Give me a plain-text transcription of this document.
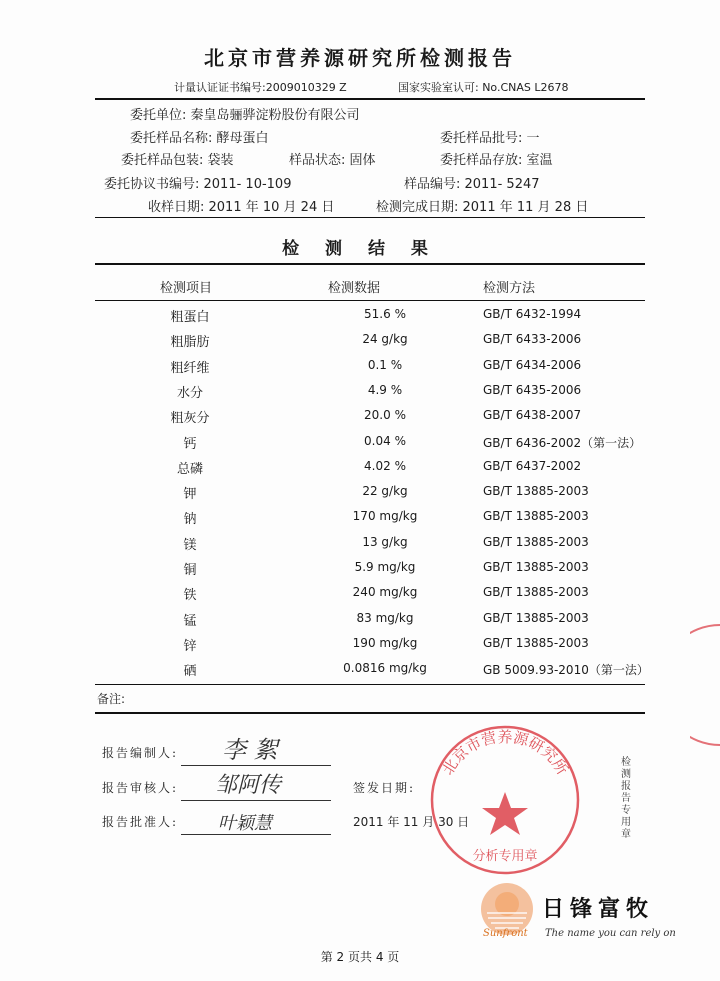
北京市营养源研究所检测报告
计量认证证书编号:2009010329 Z	国家实验室认可: No.CNAS L2678
委托单位: 秦皇岛骊骅淀粉股份有限公司
委托样品名称: 酵母蛋白	委托样品批号: 一
委托样品包装: 袋装	样品状态: 固体	委托样品存放: 室温
委托协议书编号: 2011- 10-109	样品编号: 2011- 5247
收样日期: 2011 年 10 月 24 日	检测完成日期: 2011 年 11 月 28 日
检 测 结 果
检测项目	检测数据	检测方法
粗蛋白	51.6 %	GB/T 6432-1994
粗脂肪	24 g/kg	GB/T 6433-2006
粗纤维	0.1 %	GB/T 6434-2006
水分	4.9 %	GB/T 6435-2006
粗灰分	20.0 %	GB/T 6438-2007
钙	0.04 %	GB/T 6436-2002（第一法）
总磷	4.02 %	GB/T 6437-2002
钾	22 g/kg	GB/T 13885-2003
钠	170 mg/kg	GB/T 13885-2003
镁	13 g/kg	GB/T 13885-2003
铜	5.9 mg/kg	GB/T 13885-2003
铁	240 mg/kg	GB/T 13885-2003
锰	83 mg/kg	GB/T 13885-2003
锌	190 mg/kg	GB/T 13885-2003
硒	0.0816 mg/kg	GB 5009.93-2010（第一法）
备注:
报告编制人: 李 絮
报告审核人: 邹阿传
报告批准人: 叶颖慧
签发日期:
2011 年 11 月 30 日
北京市营养源研究所
分析专用章
检测报告专用章
日锋富牧
Sunfront The name you can rely on
第 2 页共 4 页
